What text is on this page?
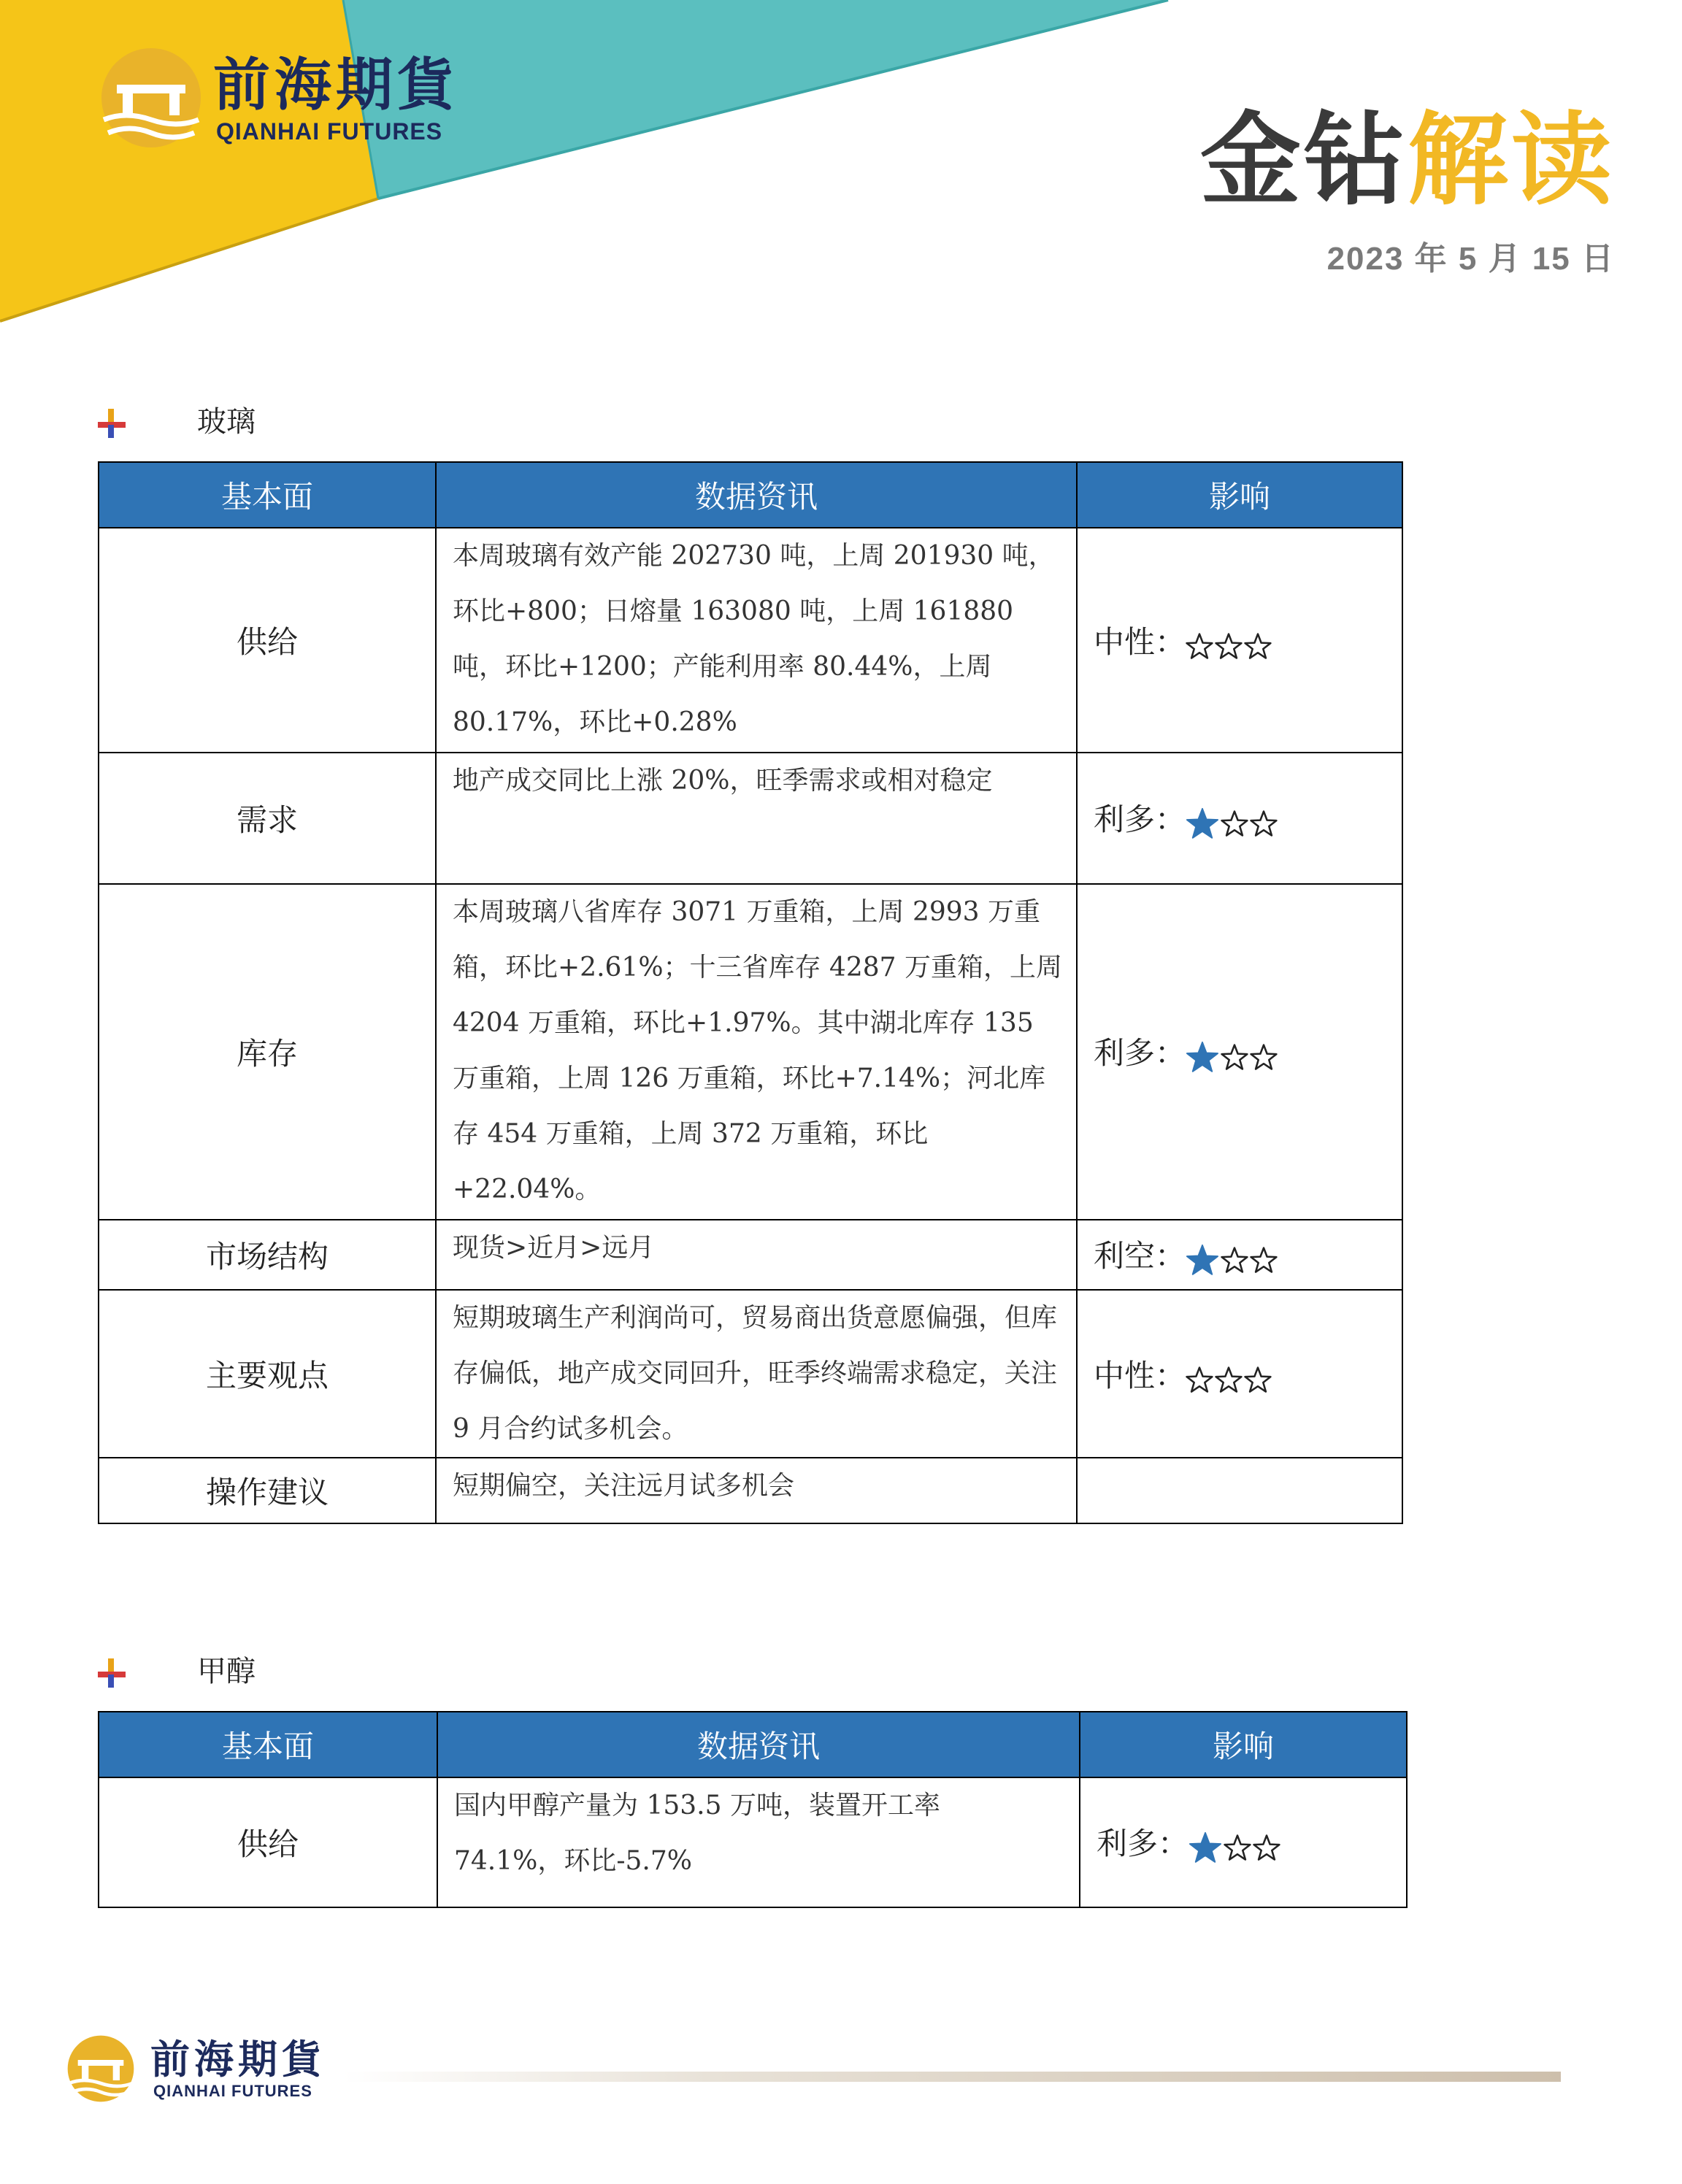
前海期貨
QIANHAI FUTURES	金钻解读
2023 年 5 月 15 日
玻璃
基本面	数据资讯	影响
供给	本周玻璃有效产能 202730 吨，上周 201930 吨，环比+800；日熔量 163080 吨，上周 161880 吨，环比+1200；产能利用率 80.44%，上周 80.17%，环比+0.28%	中性：
需求	地产成交同比上涨 20%，旺季需求或相对稳定	利多：
库存	本周玻璃八省库存 3071 万重箱，上周 2993 万重箱，环比+2.61%；十三省库存 4287 万重箱，上周 4204 万重箱，环比+1.97%。其中湖北库存 135 万重箱，上周 126 万重箱，环比+7.14%；河北库存 454 万重箱，上周 372 万重箱，环比+22.04%。	利多：
市场结构	现货>近月>远月	利空：
主要观点	短期玻璃生产利润尚可，贸易商出货意愿偏强，但库存偏低，地产成交同回升，旺季终端需求稳定，关注 9 月合约试多机会。	中性：
操作建议	短期偏空，关注远月试多机会	
甲醇
基本面	数据资讯	影响
供给	国内甲醇产量为 153.5 万吨，装置开工率 74.1%，环比-5.7%	利多：
前海期貨
QIANHAI FUTURES
